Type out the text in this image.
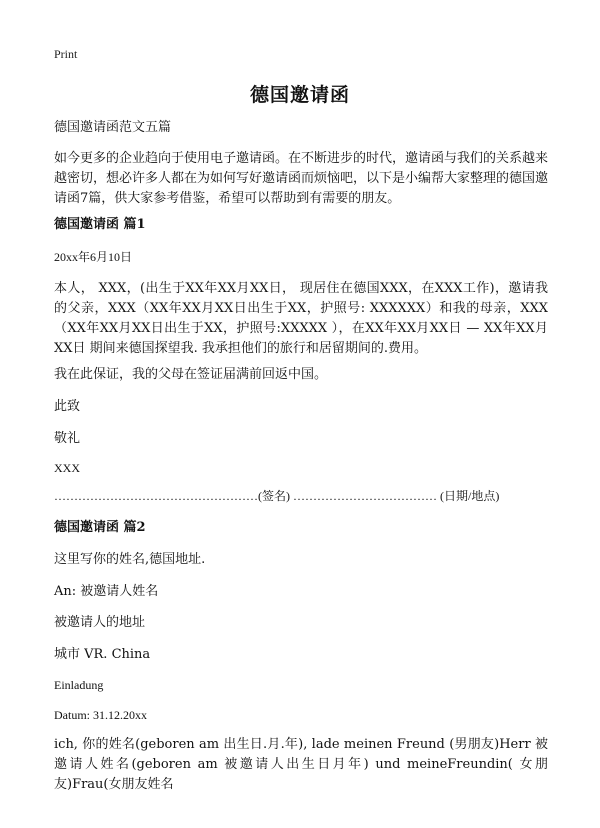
Print
德国邀请函
德国邀请函范文五篇
如今更多的企业趋向于使用电子邀请函。在不断进步的时代，邀请函与我们的关系越来越密切，想必许多人都在为如何写好邀请函而烦恼吧，以下是小编帮大家整理的德国邀请函7篇，供大家参考借鉴，希望可以帮助到有需要的朋友。
德国邀请函 篇1
20xx年6月10日
本人， XXX，(出生于XX年XX月XX日， 现居住在德国XXX，在XXX工作)，邀请我的父亲，XXX（XX年XX月XX日出生于XX，护照号: XXXXXX）和我的母亲，XXX（XX年XX月XX日出生于XX，护照号:XXXXX ），在XX年XX月XX日 — XX年XX月XX日 期间来德国探望我. 我承担他们的旅行和居留期间的.费用。
我在此保证，我的父母在签证届满前回返中国。
此致
敬礼
XXX
……………………………………………(签名) ……………………………… (日期/地点)
德国邀请函 篇2
这里写你的姓名,德国地址.
An: 被邀请人姓名
被邀请人的地址
城市 VR. China
Einladung
Datum: 31.12.20xx
ich, 你的姓名(geboren am 出生日.月.年), lade meinen Freund (男朋友)Herr 被邀请人姓名(geboren am 被邀请人出生日月年) und meineFreundin( 女朋友)Frau(女朋友姓名
